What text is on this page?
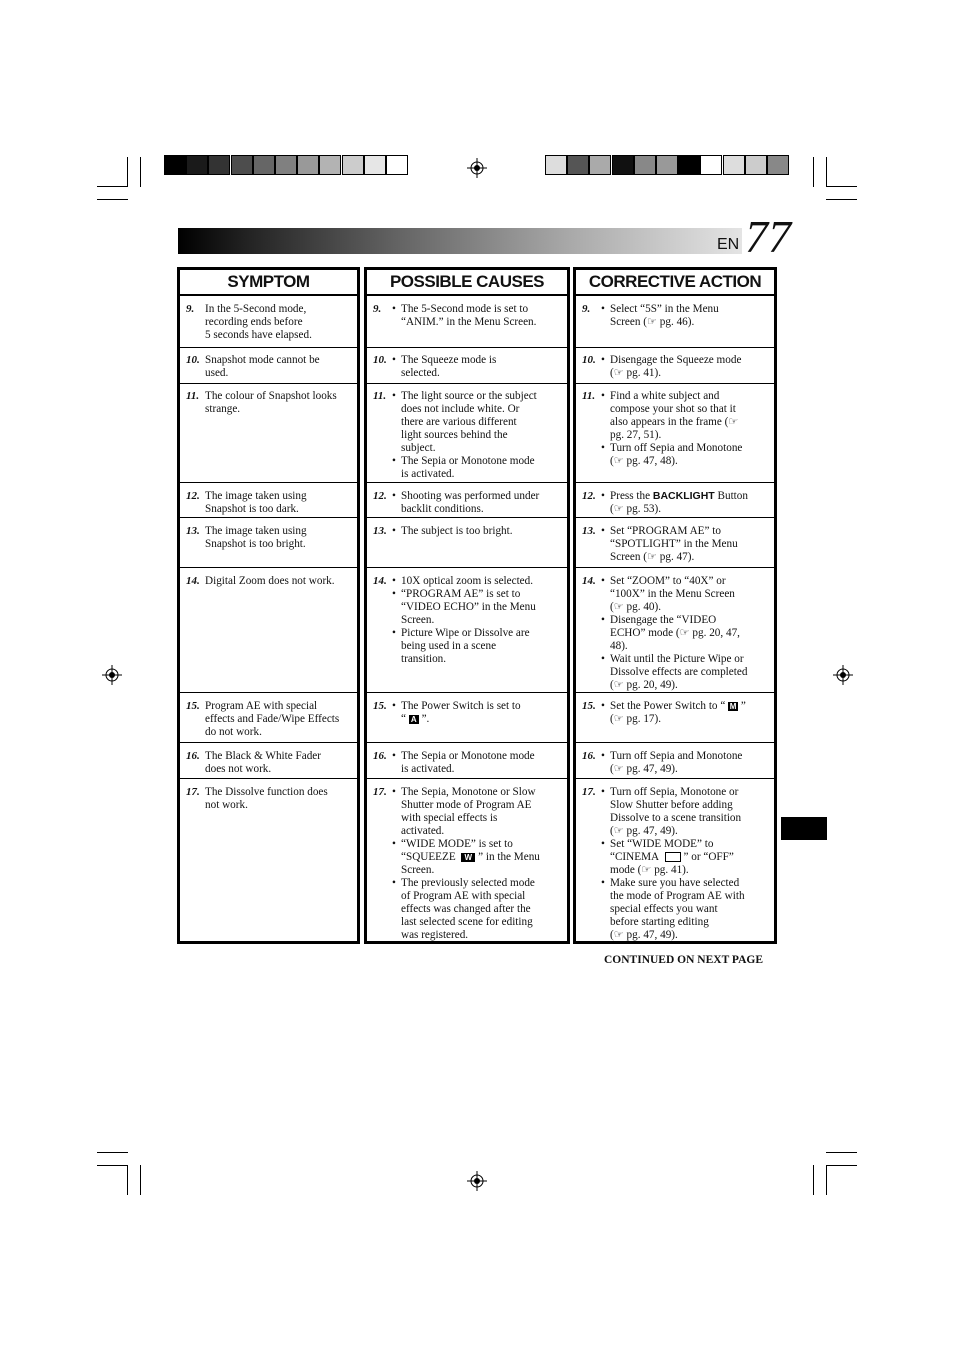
EN 77
SYMPTOM
9. In the 5-Second mode,
recording ends before
5 seconds have elapsed.
10. Snapshot mode cannot be
used.
11. The colour of Snapshot looks
strange.
12. The image taken using
Snapshot is too dark.
13. The image taken using
Snapshot is too bright.
14. Digital Zoom does not work.
15. Program AE with special
effects and Fade/Wipe Effects
do not work.
16. The Black & White Fader
does not work.
17. The Dissolve function does
not work.
POSSIBLE CAUSES
9. • The 5-Second mode is set to
“ANIM.” in the Menu Screen.
10. • The Squeeze mode is
selected.
11. • The light source or the subject
does not include white. Or
there are various different
light sources behind the
subject.
• The Sepia or Monotone mode
is activated.
12. • Shooting was performed under
backlit conditions.
13. • The subject is too bright.
14. • 10X optical zoom is selected.
• “PROGRAM AE” is set to
“VIDEO ECHO” in the Menu
Screen.
• Picture Wipe or Dissolve are
being used in a scene
transition.
15. • The Power Switch is set to
“ A ”.
16. • The Sepia or Monotone mode
is activated.
17. • The Sepia, Monotone or Slow
Shutter mode of Program AE
with special effects is
activated.
• “WIDE MODE” is set to
“SQUEEZE  W ” in the Menu
Screen.
• The previously selected mode
of Program AE with special
effects was changed after the
last selected scene for editing
was registered.
CORRECTIVE ACTION
9. • Select “5S” in the Menu
Screen (☞ pg. 46).
10. • Disengage the Squeeze mode
(☞ pg. 41).
11. • Find a white subject and
compose your shot so that it
also appears in the frame (☞
pg. 27, 51).
• Turn off Sepia and Monotone
(☞ pg. 47, 48).
12. • Press the BACKLIGHT Button
(☞ pg. 53).
13. • Set “PROGRAM AE” to
“SPOTLIGHT” in the Menu
Screen (☞ pg. 47).
14. • Set “ZOOM” to “40X” or
“100X” in the Menu Screen
(☞ pg. 40).
• Disengage the “VIDEO
ECHO” mode (☞ pg. 20, 47,
48).
• Wait until the Picture Wipe or
Dissolve effects are completed
(☞ pg. 20, 49).
15. • Set the Power Switch to “ M ”
(☞ pg. 17).
16. • Turn off Sepia and Monotone
(☞ pg. 47, 49).
17. • Turn off Sepia, Monotone or
Slow Shutter before adding
Dissolve to a scene transition
(☞ pg. 47, 49).
• Set “WIDE MODE” to
“CINEMA   ” or “OFF”
mode (☞ pg. 41).
• Make sure you have selected
the mode of Program AE with
special effects you want
before starting editing
(☞ pg. 47, 49).
CONTINUED ON NEXT PAGE
